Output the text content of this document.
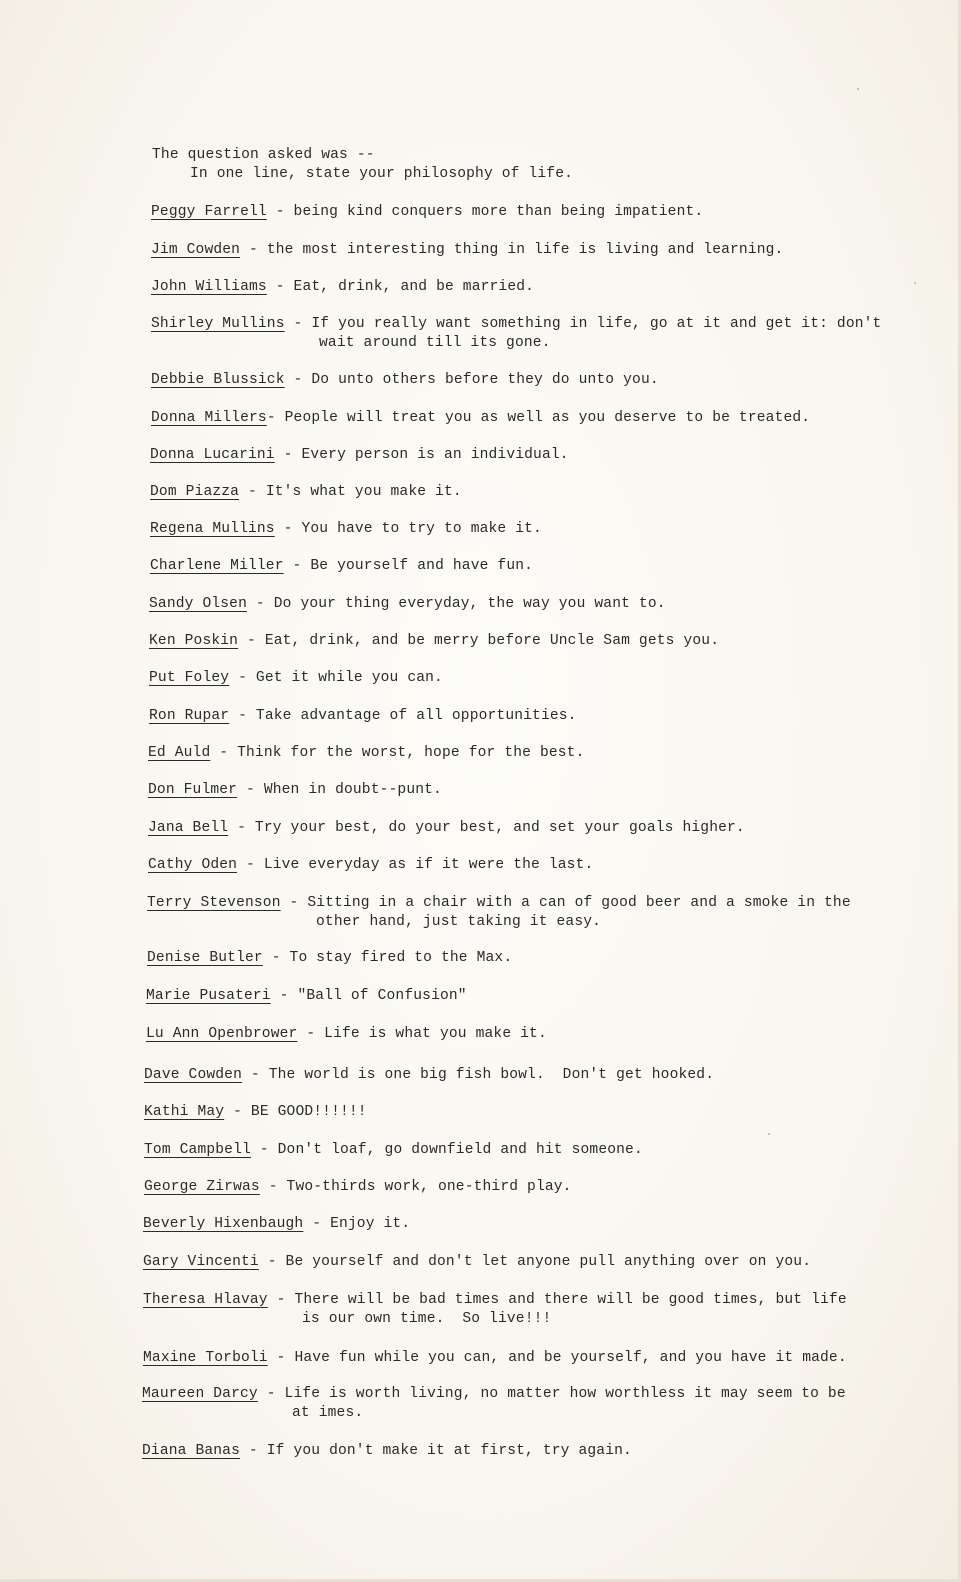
The question asked was --
In one line, state your philosophy of life.
Peggy Farrell - being kind conquers more than being impatient.
Jim Cowden - the most interesting thing in life is living and learning.
John Williams - Eat, drink, and be married.
Shirley Mullins - If you really want something in life, go at it and get it: don't
wait around till its gone.
Debbie Blussick - Do unto others before they do unto you.
Donna Millers- People will treat you as well as you deserve to be treated.
Donna Lucarini - Every person is an individual.
Dom Piazza - It's what you make it.
Regena Mullins - You have to try to make it.
Charlene Miller - Be yourself and have fun.
Sandy Olsen - Do your thing everyday, the way you want to.
Ken Poskin - Eat, drink, and be merry before Uncle Sam gets you.
Put Foley - Get it while you can.
Ron Rupar - Take advantage of all opportunities.
Ed Auld - Think for the worst, hope for the best.
Don Fulmer - When in doubt--punt.
Jana Bell - Try your best, do your best, and set your goals higher.
Cathy Oden - Live everyday as if it were the last.
Terry Stevenson - Sitting in a chair with a can of good beer and a smoke in the
other hand, just taking it easy.
Denise Butler - To stay fired to the Max.
Marie Pusateri - "Ball of Confusion"
Lu Ann Openbrower - Life is what you make it.
Dave Cowden - The world is one big fish bowl.  Don't get hooked.
Kathi May - BE GOOD!!!!!!
Tom Campbell - Don't loaf, go downfield and hit someone.
George Zirwas - Two-thirds work, one-third play.
Beverly Hixenbaugh - Enjoy it.
Gary Vincenti - Be yourself and don't let anyone pull anything over on you.
Theresa Hlavay - There will be bad times and there will be good times, but life
is our own time.  So live!!!
Maxine Torboli - Have fun while you can, and be yourself, and you have it made.
Maureen Darcy - Life is worth living, no matter how worthless it may seem to be
at imes.
Diana Banas - If you don't make it at first, try again.
